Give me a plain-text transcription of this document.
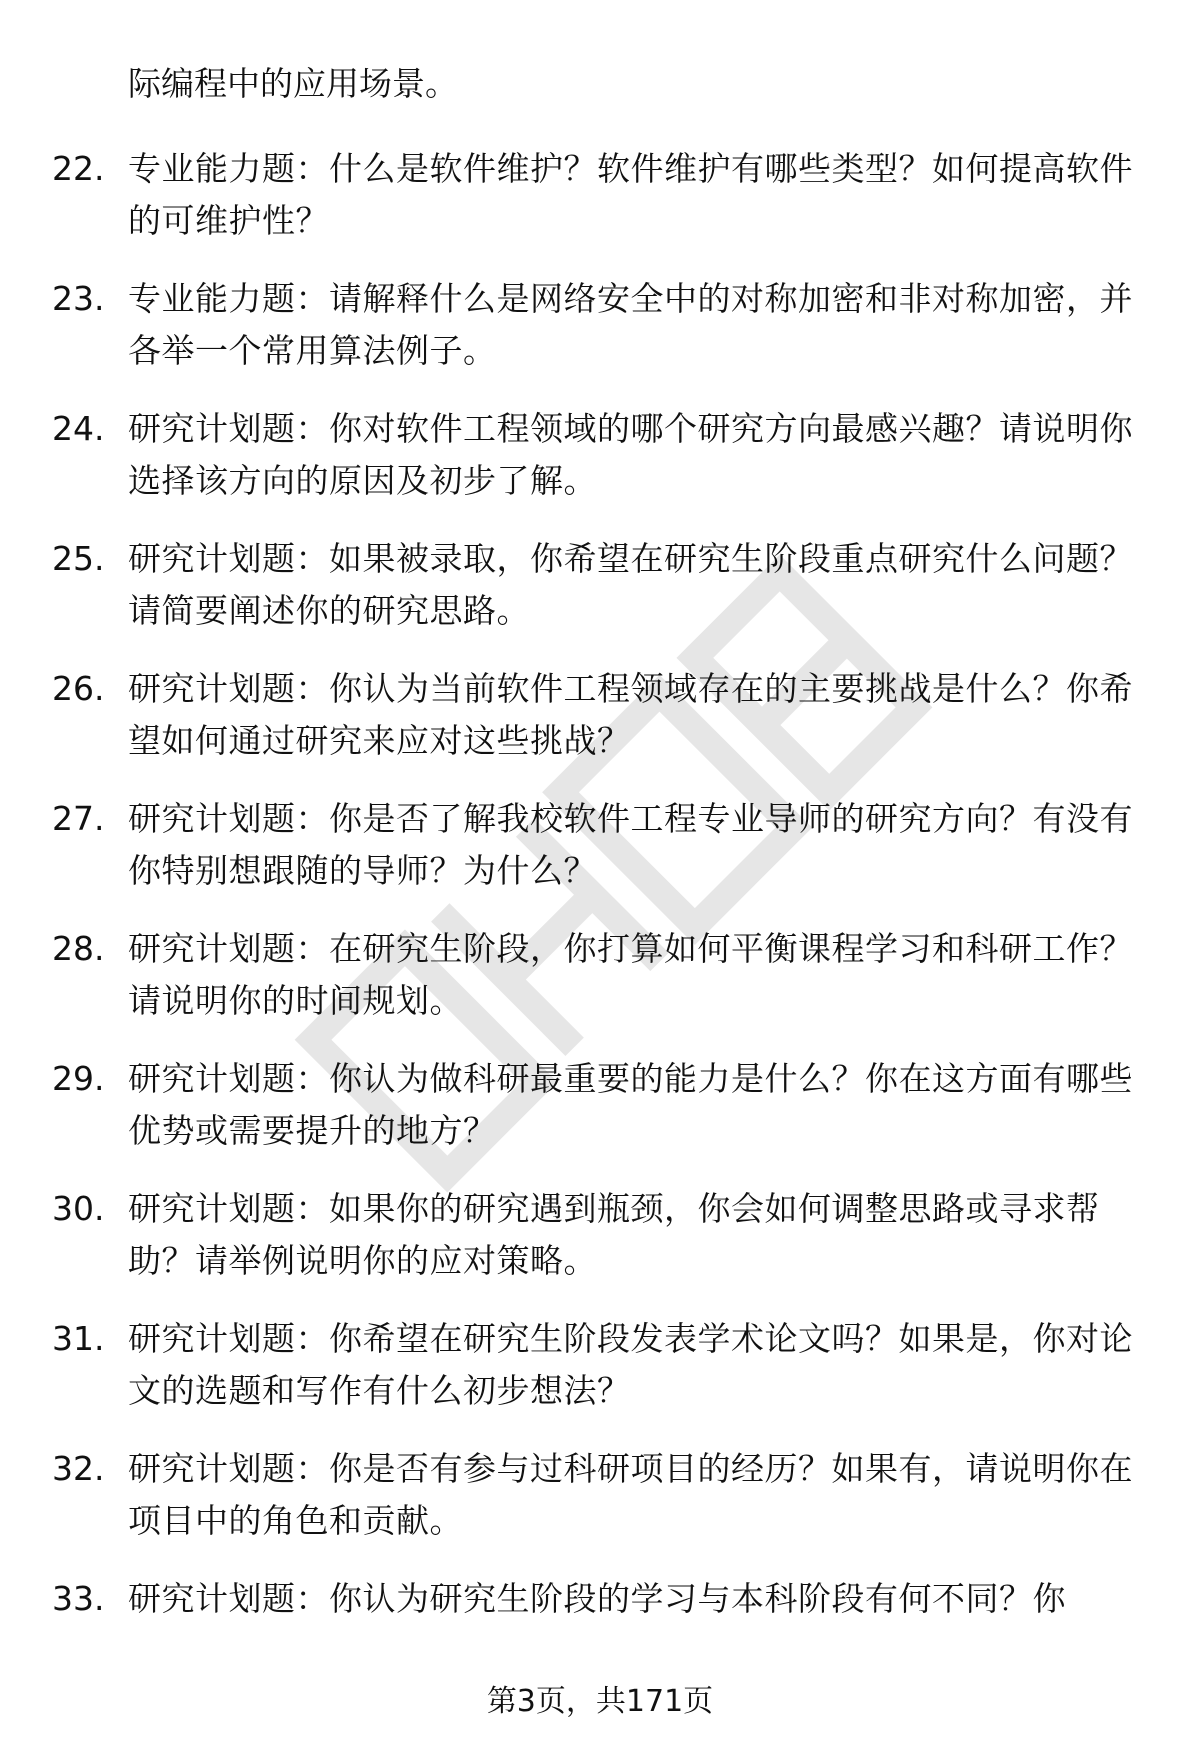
际编程中的应用场景。
22. 专业能力题：什么是软件维护？软件维护有哪些类型？如何提高软件的可维护性？
23. 专业能力题：请解释什么是网络安全中的对称加密和非对称加密，并各举一个常用算法例子。
24. 研究计划题：你对软件工程领域的哪个研究方向最感兴趣？请说明你选择该方向的原因及初步了解。
25. 研究计划题：如果被录取，你希望在研究生阶段重点研究什么问题？请简要阐述你的研究思路。
26. 研究计划题：你认为当前软件工程领域存在的主要挑战是什么？你希望如何通过研究来应对这些挑战？
27. 研究计划题：你是否了解我校软件工程专业导师的研究方向？有没有你特别想跟随的导师？为什么？
28. 研究计划题：在研究生阶段，你打算如何平衡课程学习和科研工作？请说明你的时间规划。
29. 研究计划题：你认为做科研最重要的能力是什么？你在这方面有哪些优势或需要提升的地方？
30. 研究计划题：如果你的研究遇到瓶颈，你会如何调整思路或寻求帮助？请举例说明你的应对策略。
31. 研究计划题：你希望在研究生阶段发表学术论文吗？如果是，你对论文的选题和写作有什么初步想法？
32. 研究计划题：你是否有参与过科研项目的经历？如果有，请说明你在项目中的角色和贡献。
33. 研究计划题：你认为研究生阶段的学习与本科阶段有何不同？你
第3页，共171页
